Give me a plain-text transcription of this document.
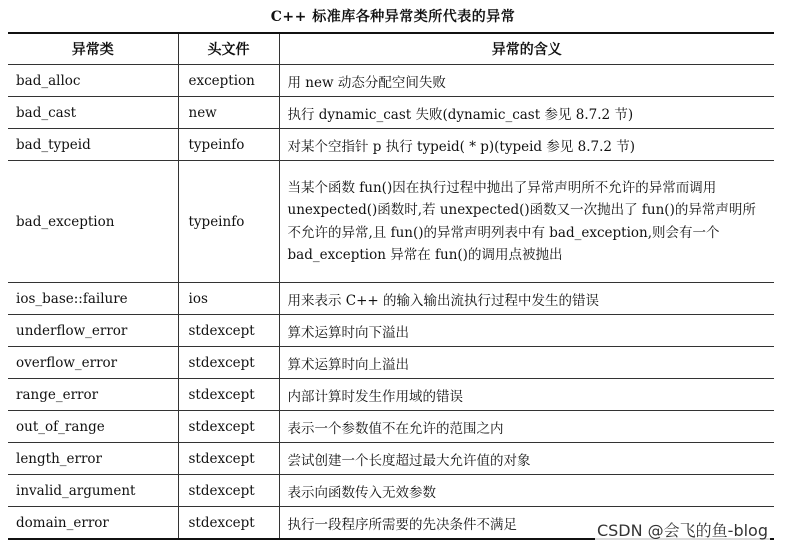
C++ 标准库各种异常类所代表的异常
异常类	头文件	异常的含义
bad_alloc	exception	用 new 动态分配空间失败
bad_cast	new	执行 dynamic_cast 失败(dynamic_cast 参见 8.7.2 节)
bad_typeid	typeinfo	对某个空指针 p 执行 typeid( * p)(typeid 参见 8.7.2 节)
bad_exception	typeinfo	当某个函数 fun()因在执行过程中抛出了异常声明所不允许的异常而调用 unexpected()函数时,若 unexpected()函数又一次抛出了 fun()的异常声明所不允许的异常,且 fun()的异常声明列表中有 bad_exception,则会有一个 bad_exception 异常在 fun()的调用点被抛出
ios_base::failure	ios	用来表示 C++ 的输入输出流执行过程中发生的错误
underflow_error	stdexcept	算术运算时向下溢出
overflow_error	stdexcept	算术运算时向上溢出
range_error	stdexcept	内部计算时发生作用域的错误
out_of_range	stdexcept	表示一个参数值不在允许的范围之内
length_error	stdexcept	尝试创建一个长度超过最大允许值的对象
invalid_argument	stdexcept	表示向函数传入无效参数
domain_error	stdexcept	执行一段程序所需要的先决条件不满足	CSDN @会飞的鱼-blog
